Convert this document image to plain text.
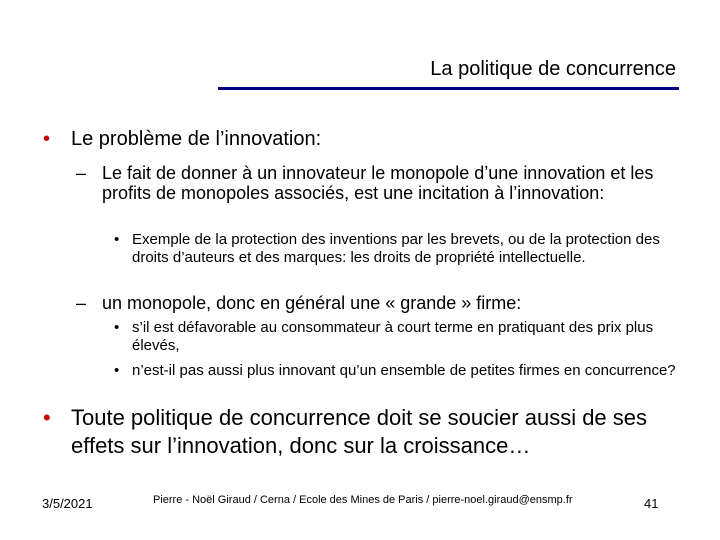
La politique de concurrence
•	Le problème de l’innovation:
– Le fait de donner à un innovateur le monopole d’une innovation et les profits de monopoles associés, est une incitation à l’innovation:
• Exemple de la protection des inventions par les brevets, ou de la protection des droits d’auteurs et des marques: les droits de propriété intellectuelle.
– un monopole, donc en général une « grande » firme:
• s’il est défavorable au consommateur à court terme en pratiquant des prix plus élevés,
• n’est-il pas aussi plus innovant qu’un ensemble de petites firmes en concurrence?
• Toute politique de concurrence doit se soucier aussi de ses effets sur l’innovation, donc sur la croissance…
3/5/2021	Pierre - Noël Giraud / Cerna / Ecole des Mines de Paris / pierre-noel.giraud@ensmp.fr	41
